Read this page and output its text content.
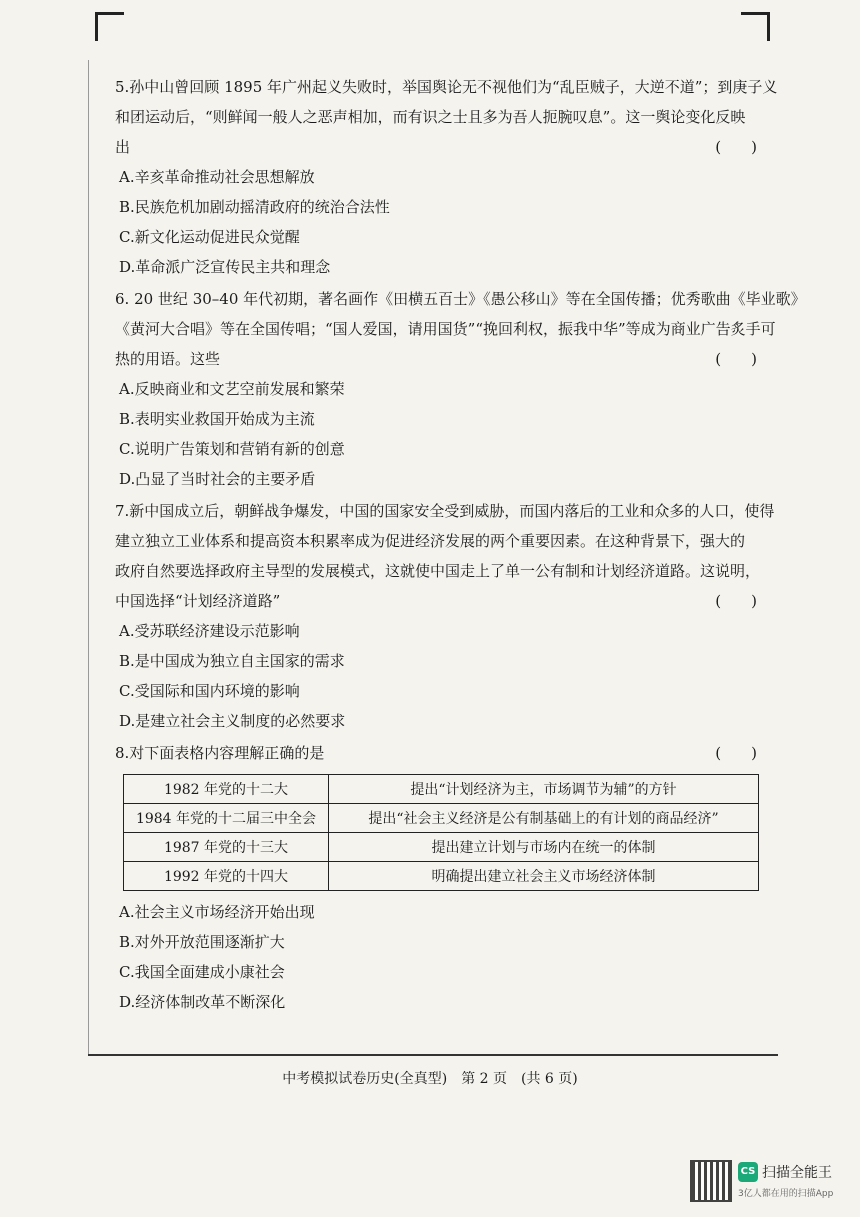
5.孙中山曾回顾 1895 年广州起义失败时，举国舆论无不视他们为“乱臣贼子，大逆不道”；到庚子义
和团运动后，“则鲜闻一般人之恶声相加，而有识之士且多为吾人扼腕叹息”。这一舆论变化反映
出	(　　)
A.辛亥革命推动社会思想解放
B.民族危机加剧动摇清政府的统治合法性
C.新文化运动促进民众觉醒
D.革命派广泛宣传民主共和理念
6. 20 世纪 30–40 年代初期，著名画作《田横五百士》《愚公移山》等在全国传播；优秀歌曲《毕业歌》
《黄河大合唱》等在全国传唱；“国人爱国，请用国货”“挽回利权，振我中华”等成为商业广告炙手可
热的用语。这些	(　　)
A.反映商业和文艺空前发展和繁荣
B.表明实业救国开始成为主流
C.说明广告策划和营销有新的创意
D.凸显了当时社会的主要矛盾
7.新中国成立后，朝鲜战争爆发，中国的国家安全受到威胁，而国内落后的工业和众多的人口，使得
建立独立工业体系和提高资本积累率成为促进经济发展的两个重要因素。在这种背景下，强大的
政府自然要选择政府主导型的发展模式，这就使中国走上了单一公有制和计划经济道路。这说明，
中国选择“计划经济道路”	(　　)
A.受苏联经济建设示范影响
B.是中国成为独立自主国家的需求
C.受国际和国内环境的影响
D.是建立社会主义制度的必然要求
8.对下面表格内容理解正确的是	(　　)
1982 年党的十二大	提出“计划经济为主，市场调节为辅”的方针
1984 年党的十二届三中全会	提出“社会主义经济是公有制基础上的有计划的商品经济”
1987 年党的十三大	提出建立计划与市场内在统一的体制
1992 年党的十四大	明确提出建立社会主义市场经济体制
A.社会主义市场经济开始出现
B.对外开放范围逐渐扩大
C.我国全面建成小康社会
D.经济体制改革不断深化
中考模拟试卷历史(全真型)　第 2 页　(共 6 页)
CS 扫描全能王
3亿人都在用的扫描App
